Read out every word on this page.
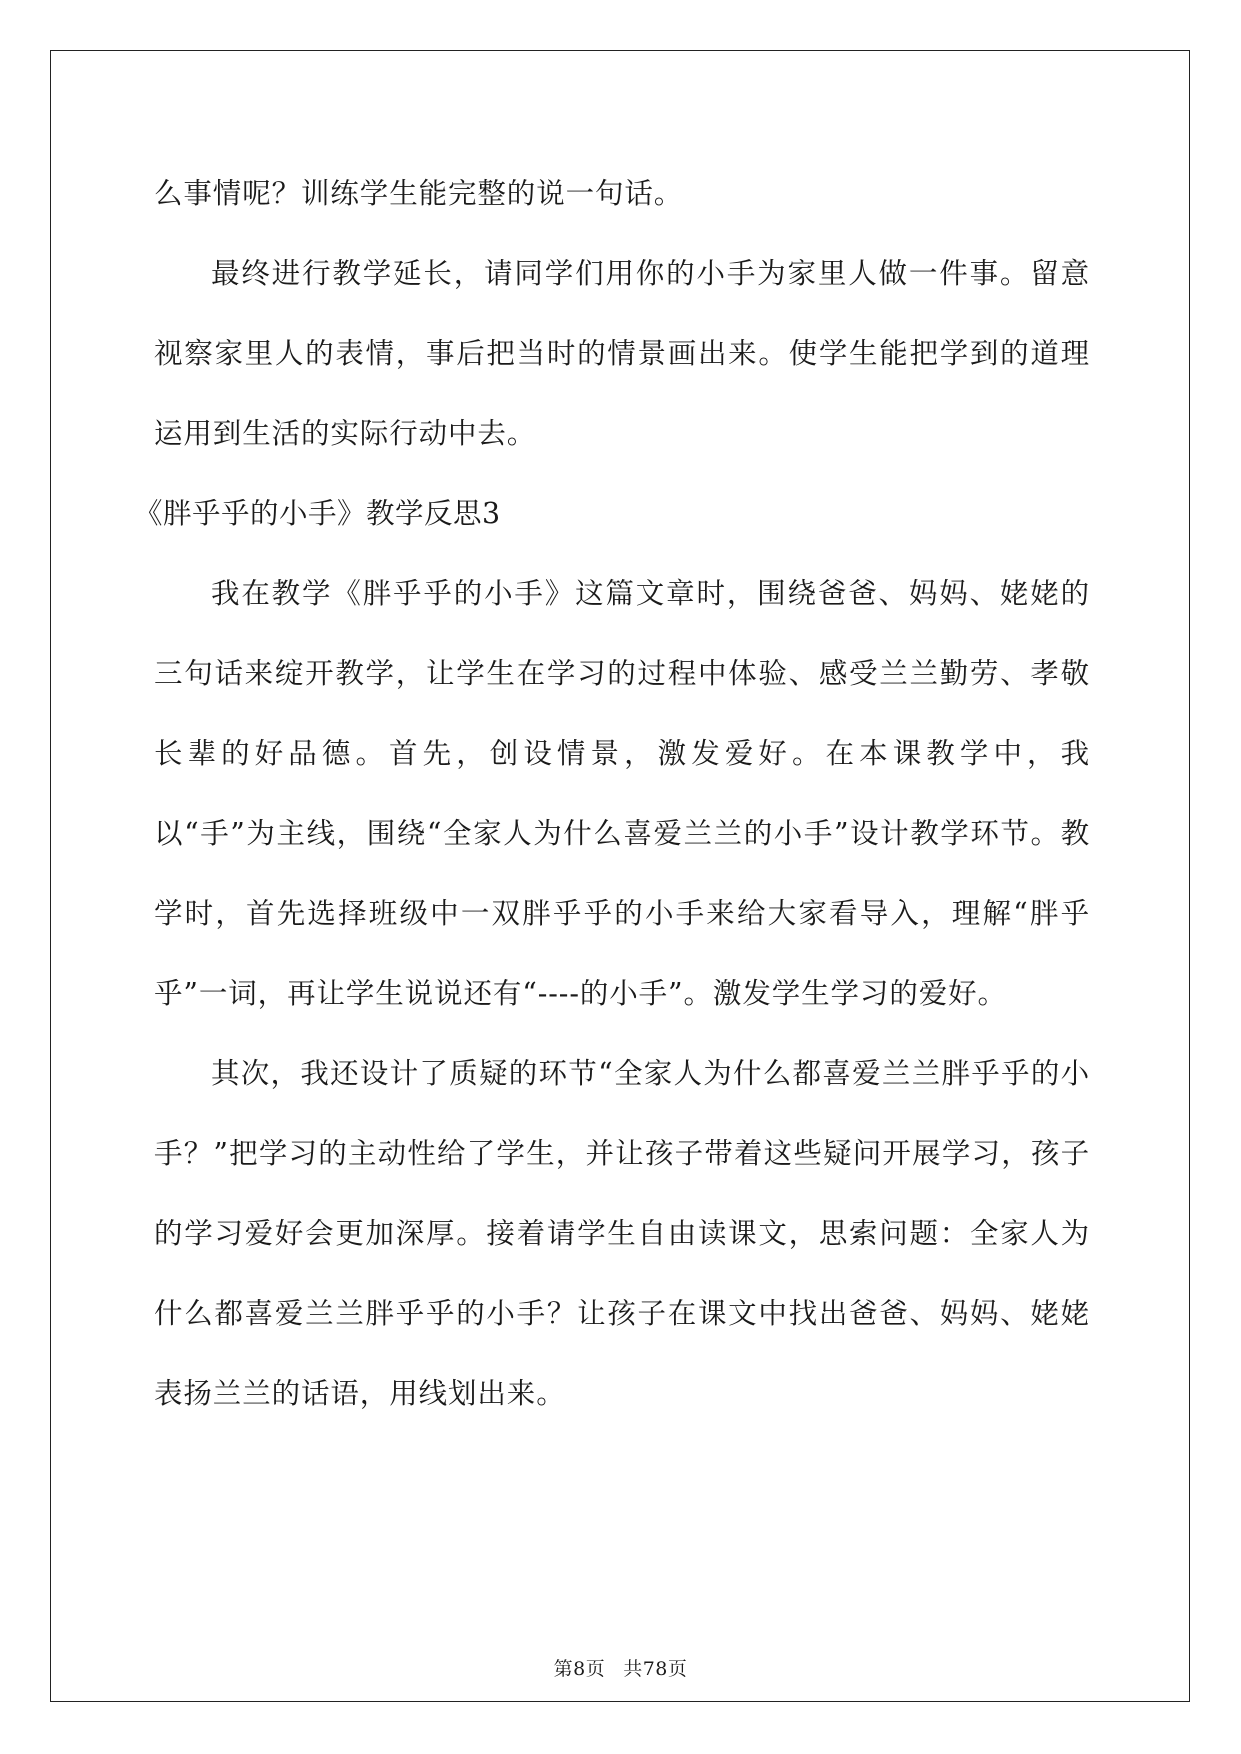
么事情呢？训练学生能完整的说一句话。

最终进行教学延长，请同学们用你的小手为家里人做一件事。留意视察家里人的表情，事后把当时的情景画出来。使学生能把学到的道理运用到生活的实际行动中去。

《胖乎乎的小手》教学反思3

我在教学《胖乎乎的小手》这篇文章时，围绕爸爸、妈妈、姥姥的三句话来绽开教学，让学生在学习的过程中体验、感受兰兰勤劳、孝敬长辈的好品德。首先，创设情景，激发爱好。在本课教学中，我以“手”为主线，围绕“全家人为什么喜爱兰兰的小手”设计教学环节。教学时，首先选择班级中一双胖乎乎的小手来给大家看导入，理解“胖乎乎”一词，再让学生说说还有“----的小手”。激发学生学习的爱好。

其次，我还设计了质疑的环节“全家人为什么都喜爱兰兰胖乎乎的小手？”把学习的主动性给了学生，并让孩子带着这些疑问开展学习，孩子的学习爱好会更加深厚。接着请学生自由读课文，思索问题：全家人为什么都喜爱兰兰胖乎乎的小手？让孩子在课文中找出爸爸、妈妈、姥姥表扬兰兰的话语，用线划出来。

第8页 共78页
